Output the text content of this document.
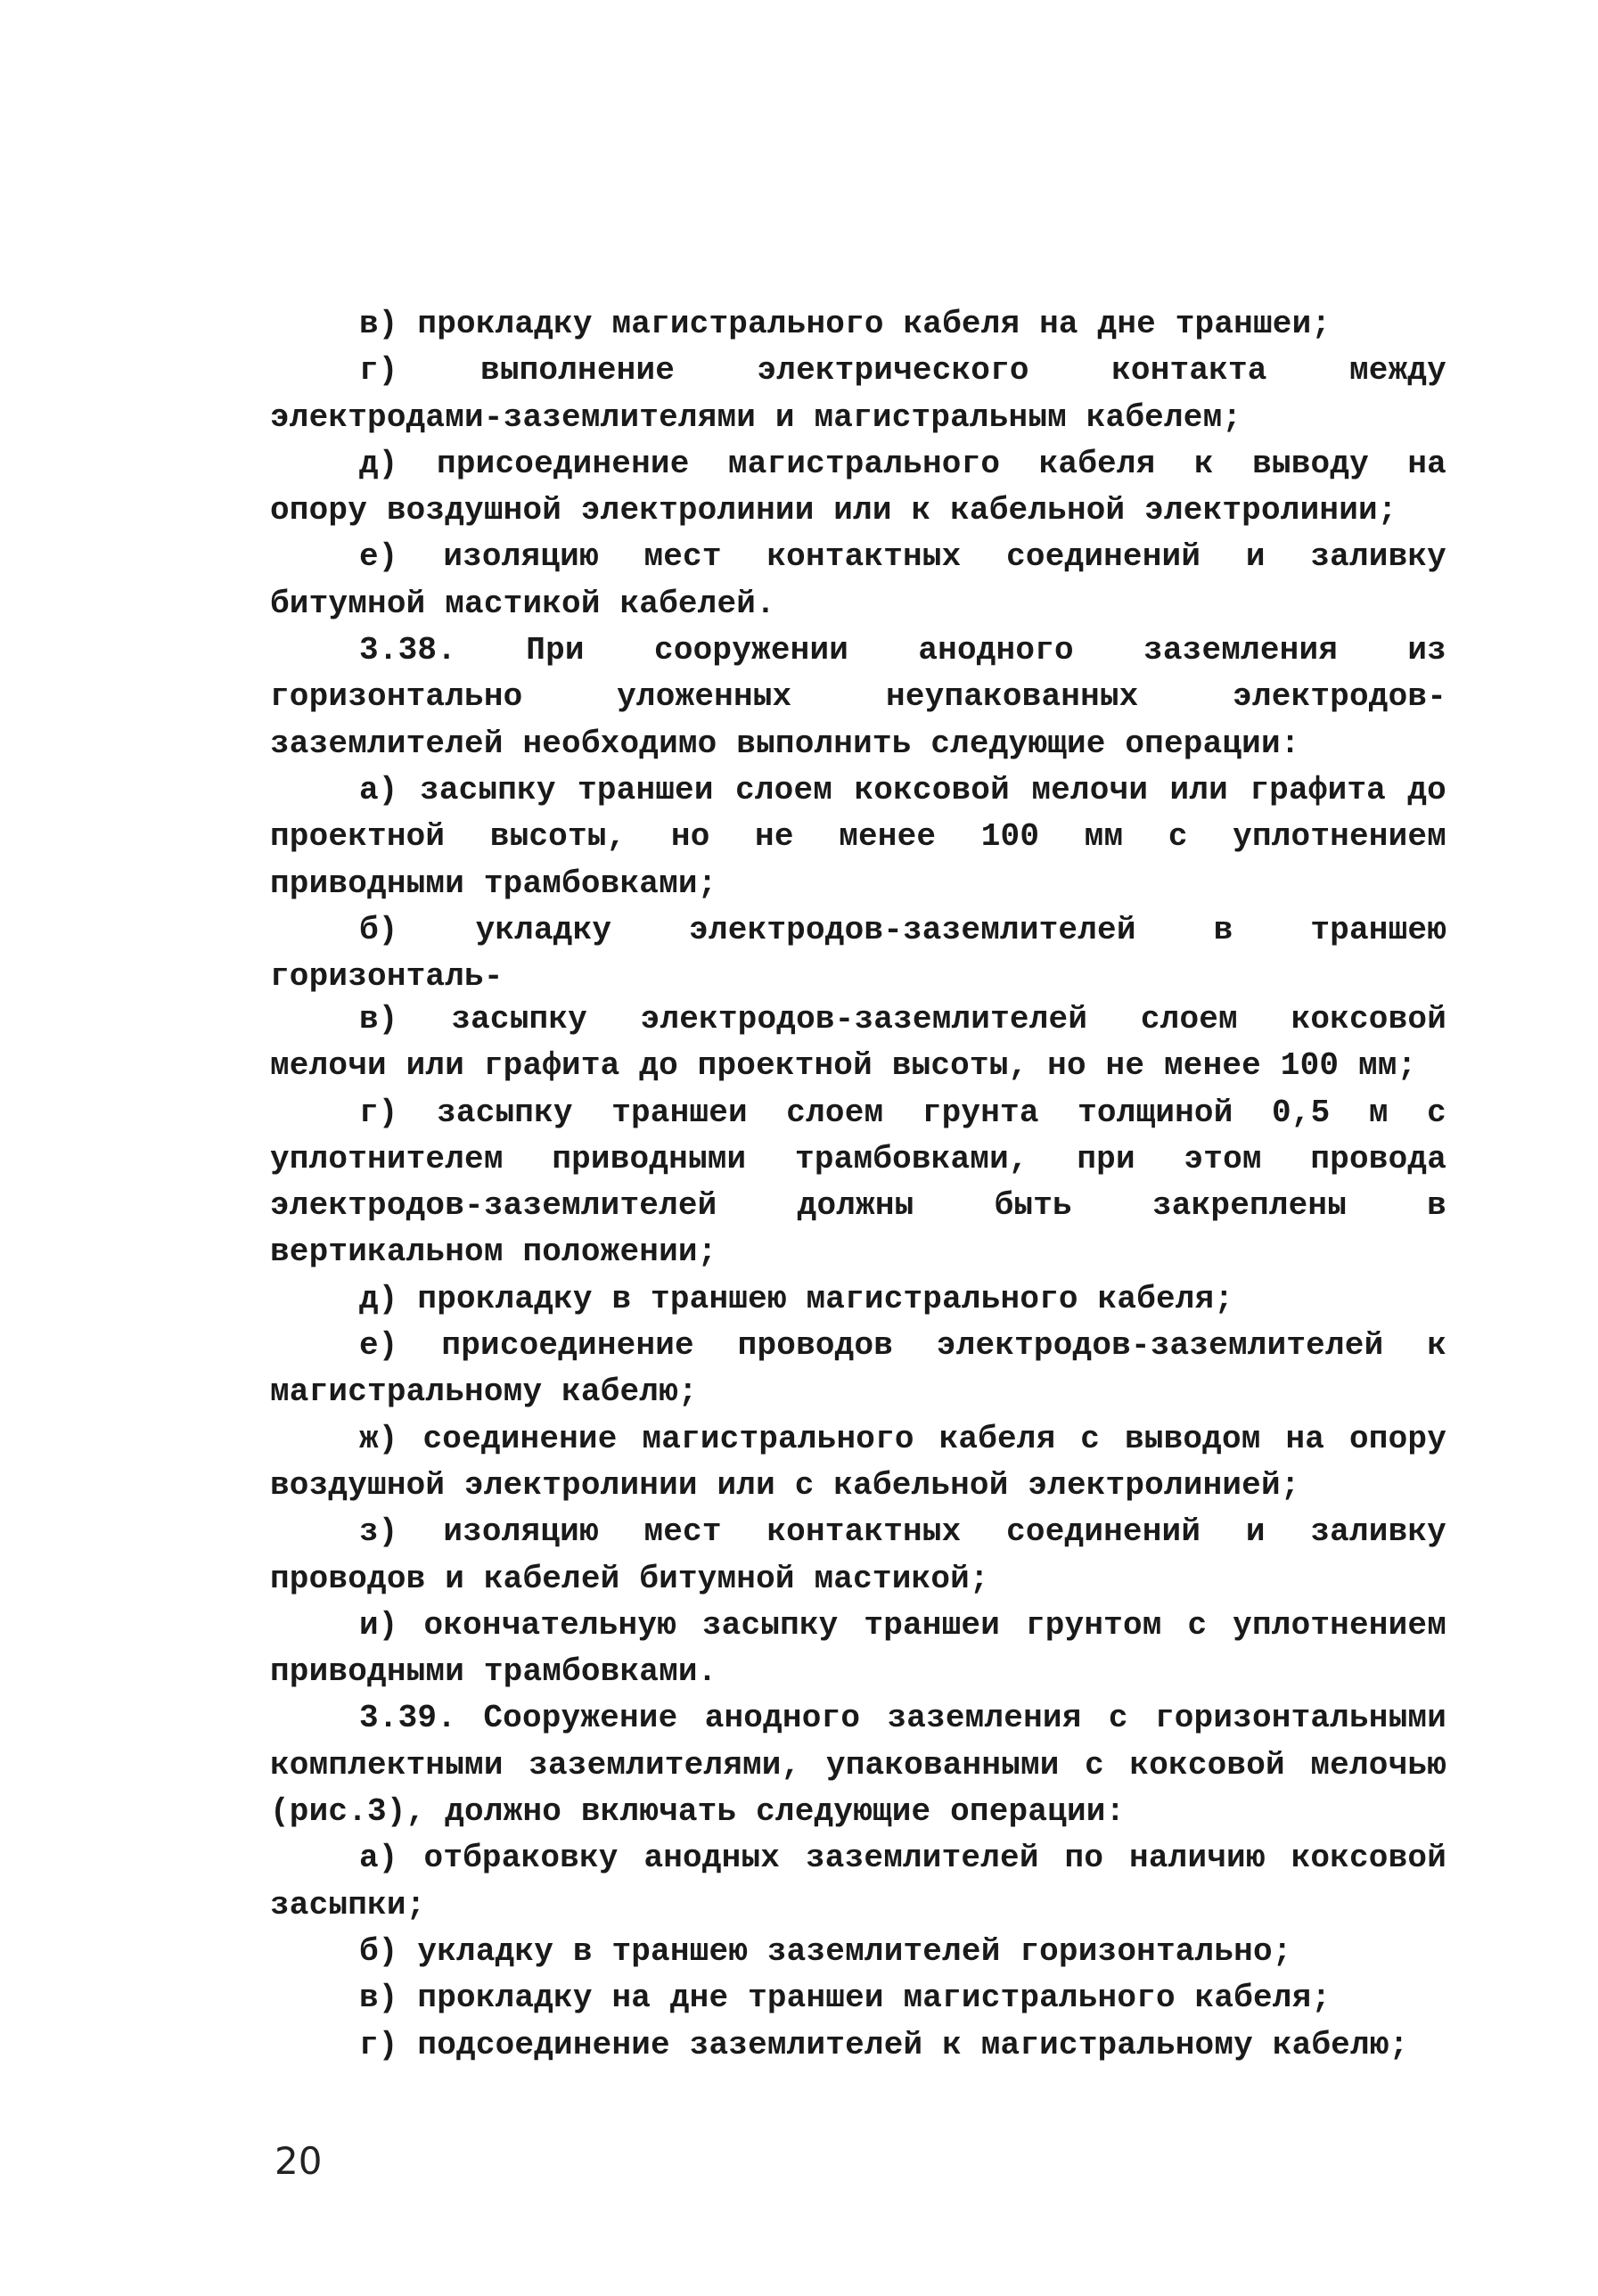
в) прокладку магистрального кабеля на дне траншеи;

г) выполнение электрического контакта между электродами-заземлителями и магистральным кабелем;

д) присоединение магистрального кабеля к выводу на опору воздушной электролинии или к кабельной электролинии;

е) изоляцию мест контактных соединений и заливку битумной мастикой кабелей.

3.38. При сооружении анодного заземления из горизонтально уложенных неупакованных электродов-заземлителей необходимо выполнить следующие операции:

а) засыпку траншеи слоем коксовой мелочи или графита до проектной высоты, но не менее 100 мм с уплотнением приводными трамбовками;

б) укладку электродов-заземлителей в траншею горизонталь-

в) засыпку электродов-заземлителей слоем коксовой мелочи или графита до проектной высоты, но не менее 100 мм;

г) засыпку траншеи слоем грунта толщиной 0,5 м с уплотнителем приводными трамбовками, при этом провода электродов-заземлителей должны быть закреплены в вертикальном положении;

д) прокладку в траншею магистрального кабеля;

е) присоединение проводов электродов-заземлителей к магистральному кабелю;

ж) соединение магистрального кабеля с выводом на опору воздушной электролинии или с кабельной электролинией;

з) изоляцию мест контактных соединений и заливку проводов и кабелей битумной мастикой;

и) окончательную засыпку траншеи грунтом с уплотнением приводными трамбовками.

3.39. Сооружение анодного заземления с горизонтальными комплектными заземлителями, упакованными с коксовой мелочью (рис.3), должно включать следующие операции:

а) отбраковку анодных заземлителей по наличию коксовой засыпки;

б) укладку в траншею заземлителей горизонтально;

в) прокладку на дне траншеи магистрального кабеля;

г) подсоединение заземлителей к магистральному кабелю;

20
